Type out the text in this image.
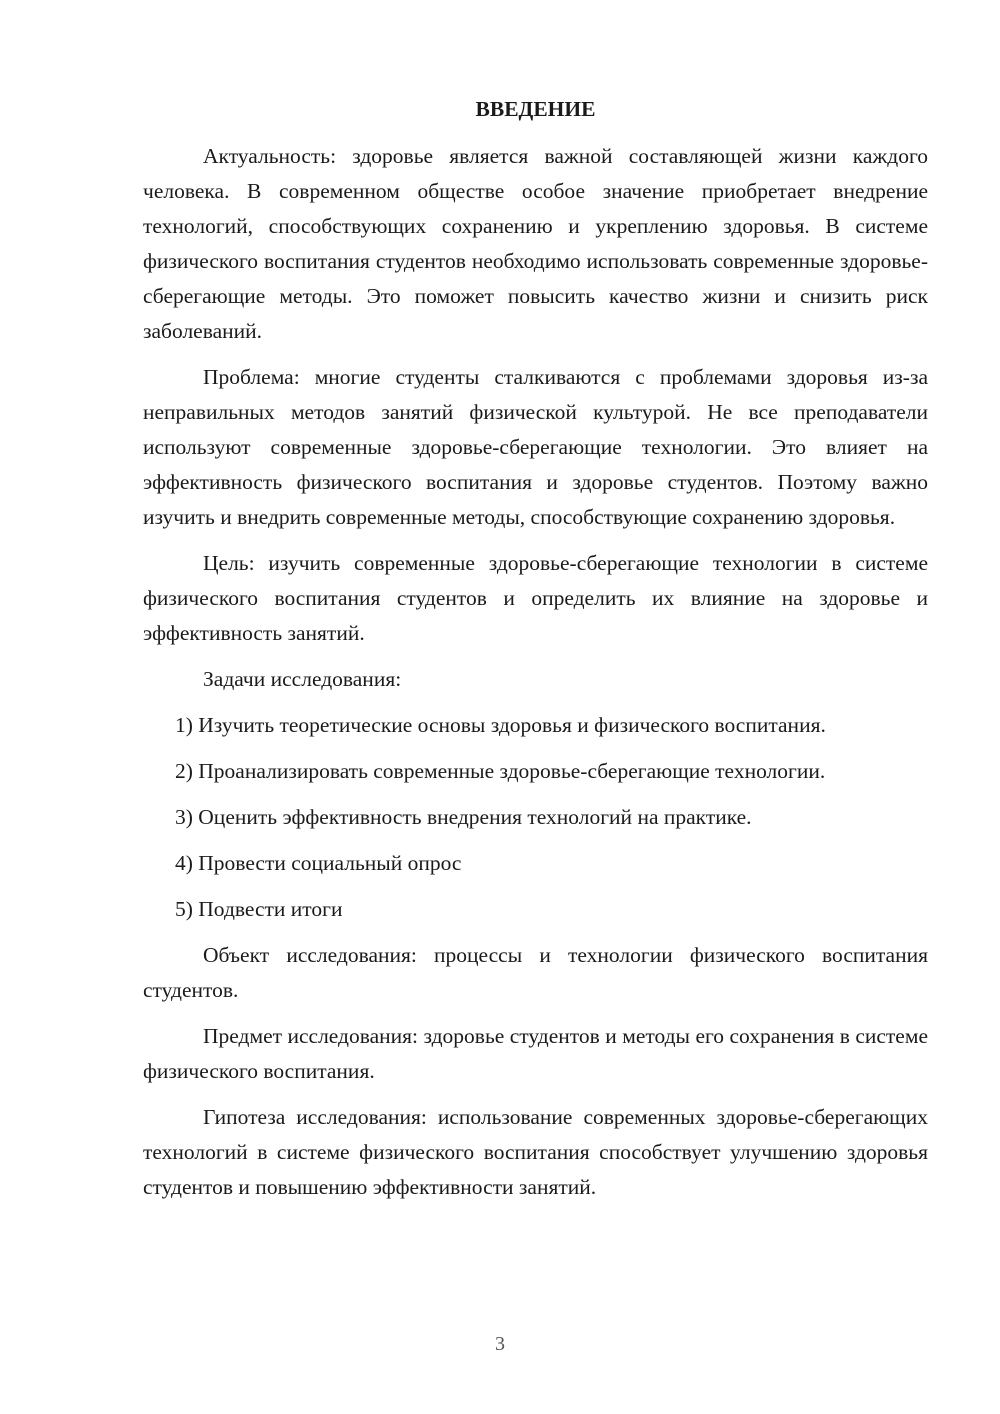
ВВЕДЕНИЕ

Актуальность: здоровье является важной составляющей жизни каждого человека. В современном обществе особое значение приобретает внедрение технологий, способствующих сохранению и укреплению здоровья. В системе физического воспитания студентов необходимо использовать современные здоровье-сберегающие методы. Это поможет повысить качество жизни и снизить риск заболеваний.

Проблема: многие студенты сталкиваются с проблемами здоровья из-за неправильных методов занятий физической культурой. Не все преподаватели используют современные здоровье-сберегающие технологии. Это влияет на эффективность физического воспитания и здоровье студентов. Поэтому важно изучить и внедрить современные методы, способствующие сохранению здоровья.

Цель: изучить современные здоровье-сберегающие технологии в системе физического воспитания студентов и определить их влияние на здоровье и эффективность занятий.

Задачи исследования:

1) Изучить теоретические основы здоровья и физического воспитания.

2) Проанализировать современные здоровье-сберегающие технологии.

3) Оценить эффективность внедрения технологий на практике.

4) Провести социальный опрос

5) Подвести итоги

Объект исследования: процессы и технологии физического воспитания студентов.

Предмет исследования: здоровье студентов и методы его сохранения в системе физического воспитания.

Гипотеза исследования: использование современных здоровье-сберегающих технологий в системе физического воспитания способствует улучшению здоровья студентов и повышению эффективности занятий.

3
